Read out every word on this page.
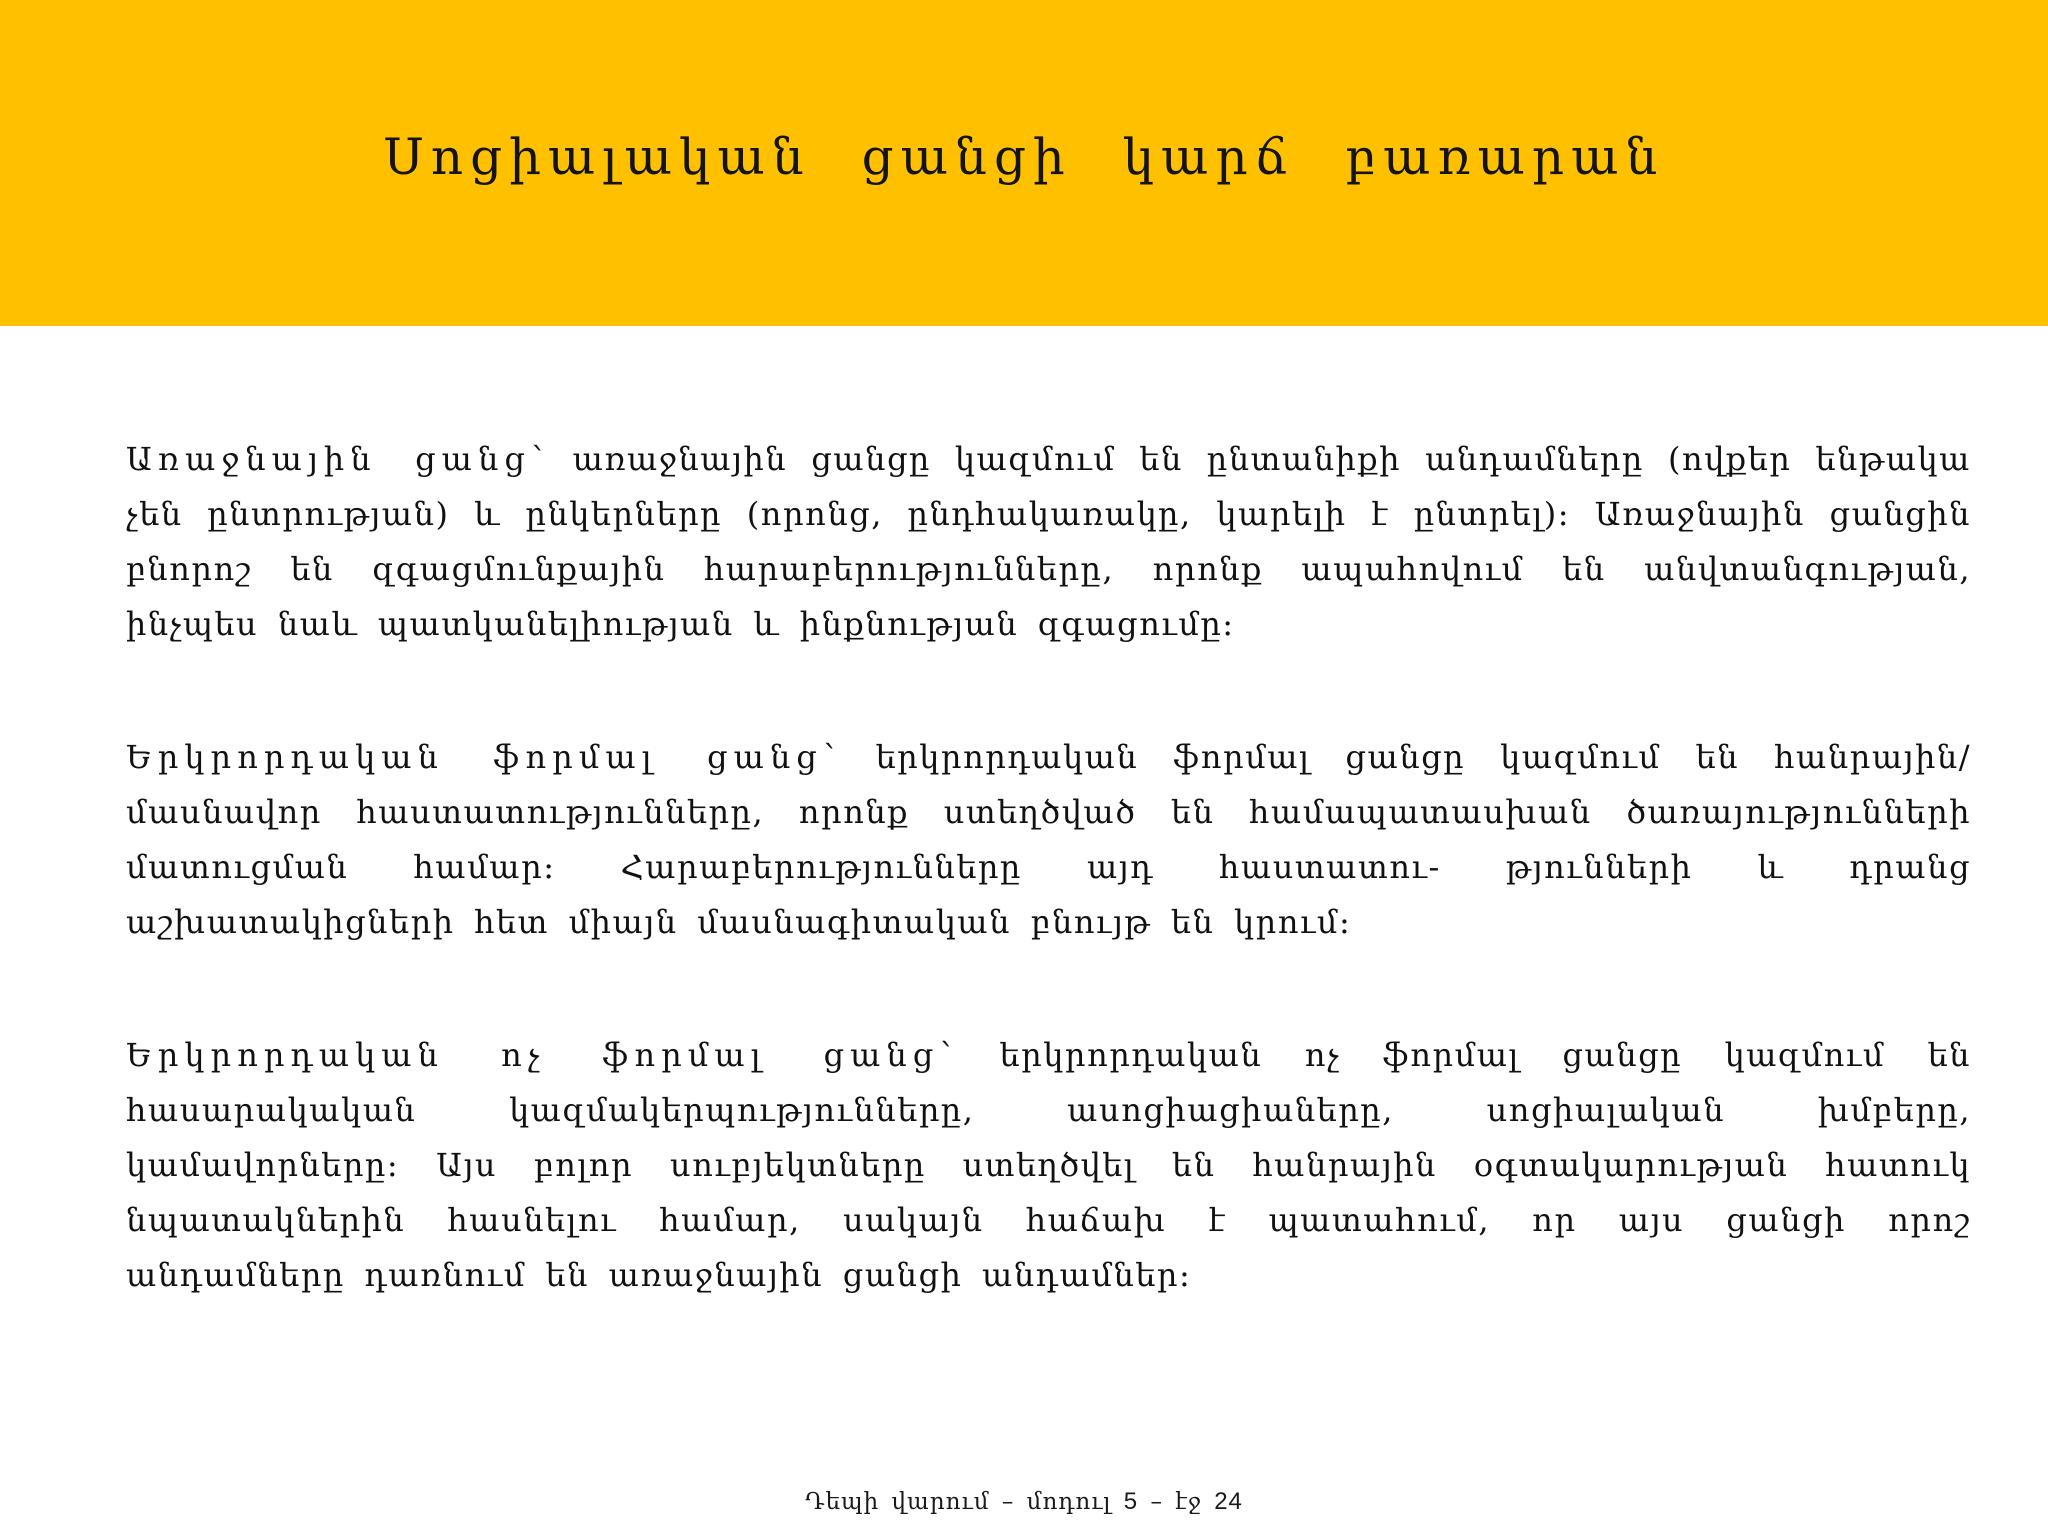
Սոցիալական ցանցի կարճ բառարան

Առաջնային ցանց՝ առաջնային ցանցը կազմում են ընտանիքի անդամները (ովքեր ենթակա չեն ընտրության) և ընկերները (որոնց, ընդհակառակը, կարելի է ընտրել)։ Առաջնային ցանցին բնորոշ են զգացմունքային հարաբերությունները, որոնք ապահովում են անվտանգության, ինչպես նաև պատկանելիության և ինքնության զգացումը։

Երկրորդական ֆորմալ ցանց՝ երկրորդական ֆորմալ ցանցը կազմում են հանրային/մասնավոր հաստատությունները, որոնք ստեղծված են համապատասխան ծառայությունների մատուցման համար։ Հարաբերությունները այդ հաստատու- թյունների և դրանց աշխատակիցների հետ միայն մասնագիտական բնույթ են կրում։

Երկրորդական ոչ ֆորմալ ցանց՝ երկրորդական ոչ ֆորմալ ցանցը կազմում են հասարակական կազմակերպությունները, ասոցիացիաները, սոցիալական խմբերը, կամավորները։ Այս բոլոր սուբյեկտները ստեղծվել են հանրային օգտակարության հատուկ նպատակներին հասնելու համար, սակայն հաճախ է պատահում, որ այս ցանցի որոշ անդամները դառնում են առաջնային ցանցի անդամներ։

Դեպի վարում – մոդուլ 5 – էջ 24
